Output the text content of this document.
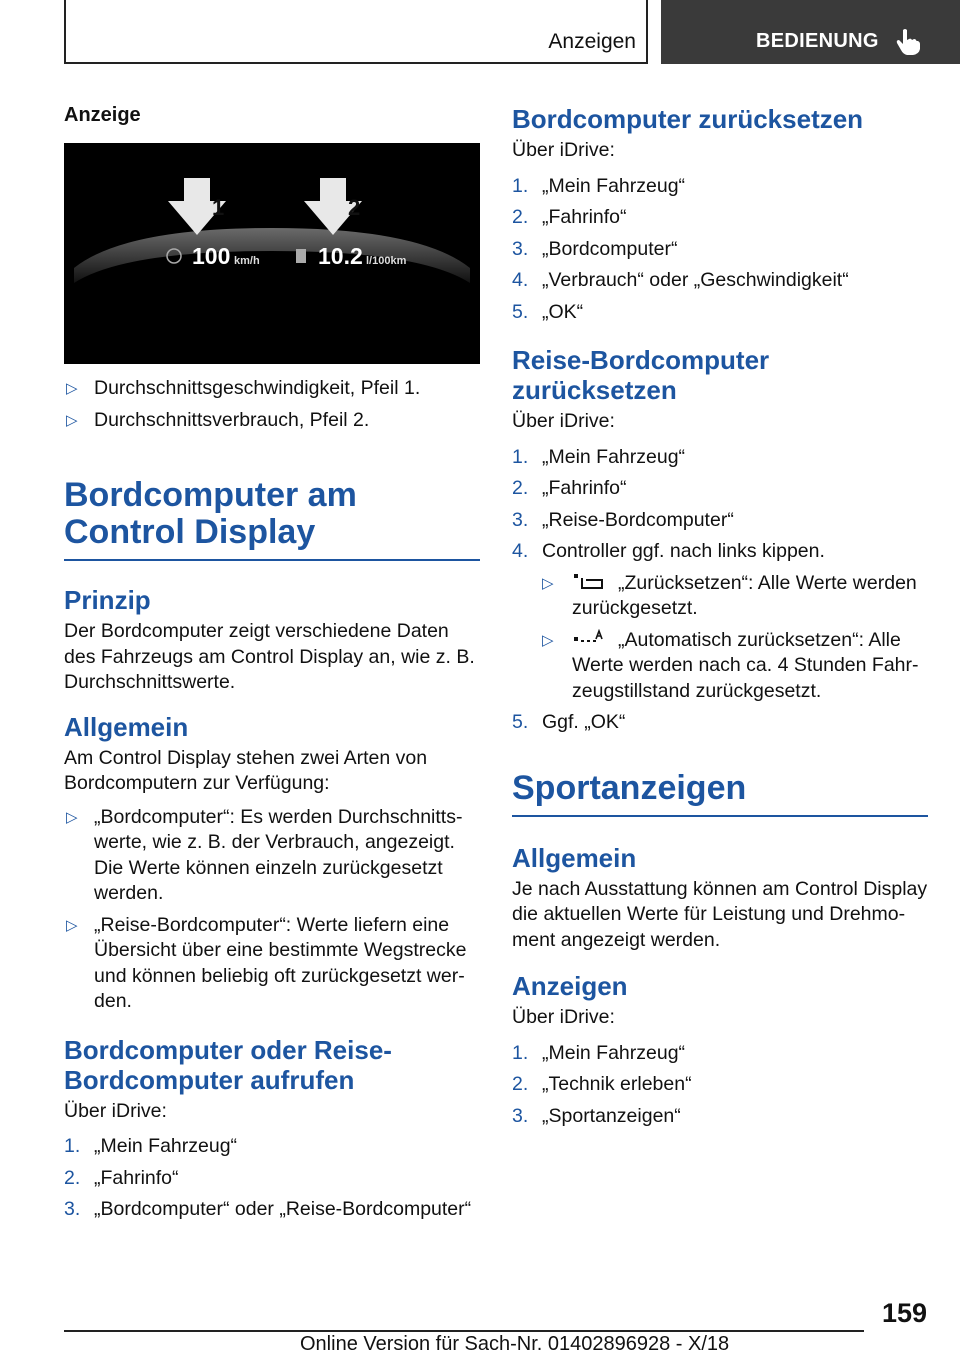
Anzeigen	BEDIENUNG
Anzeige
1	2
100 km/h	10.2 l/100km
▷ Durchschnittsgeschwindigkeit, Pfeil 1.
▷ Durchschnittsverbrauch, Pfeil 2.
Bordcomputer am Control Display
Prinzip

Der Bordcomputer zeigt verschiedene Daten des Fahrzeugs am Control Display an, wie z. B. Durchschnittswerte.

Allgemein

Am Control Display stehen zwei Arten von Bordcomputern zur Verfügung:

▷ „Bordcomputer“: Es werden Durchschnittswerte, wie z. B. der Verbrauch, angezeigt. Die Werte können einzeln zurückgesetzt werden.
▷ „Reise-Bordcomputer“: Werte liefern eine Übersicht über eine bestimmte Wegstrecke und können beliebig oft zurückgesetzt werden.
Bordcomputer oder Reise-Bordcomputer aufrufen

Über iDrive:

1. „Mein Fahrzeug“
2. „Fahrinfo“
3. „Bordcomputer“ oder „Reise-Bordcomputer“
Bordcomputer zurücksetzen

Über iDrive:

1. „Mein Fahrzeug“
2. „Fahrinfo“
3. „Bordcomputer“
4. „Verbrauch“ oder „Geschwindigkeit“
5. „OK“
Reise-Bordcomputer zurücksetzen

Über iDrive:

1. „Mein Fahrzeug“
2. „Fahrinfo“
3. „Reise-Bordcomputer“
4. Controller ggf. nach links kippen.
▷ „Zurücksetzen“: Alle Werte werden zurückgesetzt.
▷ „Automatisch zurücksetzen“: Alle Werte werden nach ca. 4 Stunden Fahrzeugstillstand zurückgesetzt.
5. Ggf. „OK“
Sportanzeigen
Allgemein

Je nach Ausstattung können am Control Display die aktuellen Werte für Leistung und Drehmoment angezeigt werden.

Anzeigen

Über iDrive:

1. „Mein Fahrzeug“
2. „Technik erleben“
3. „Sportanzeigen“
159
Online Version für Sach-Nr. 01402896928 - X/18
